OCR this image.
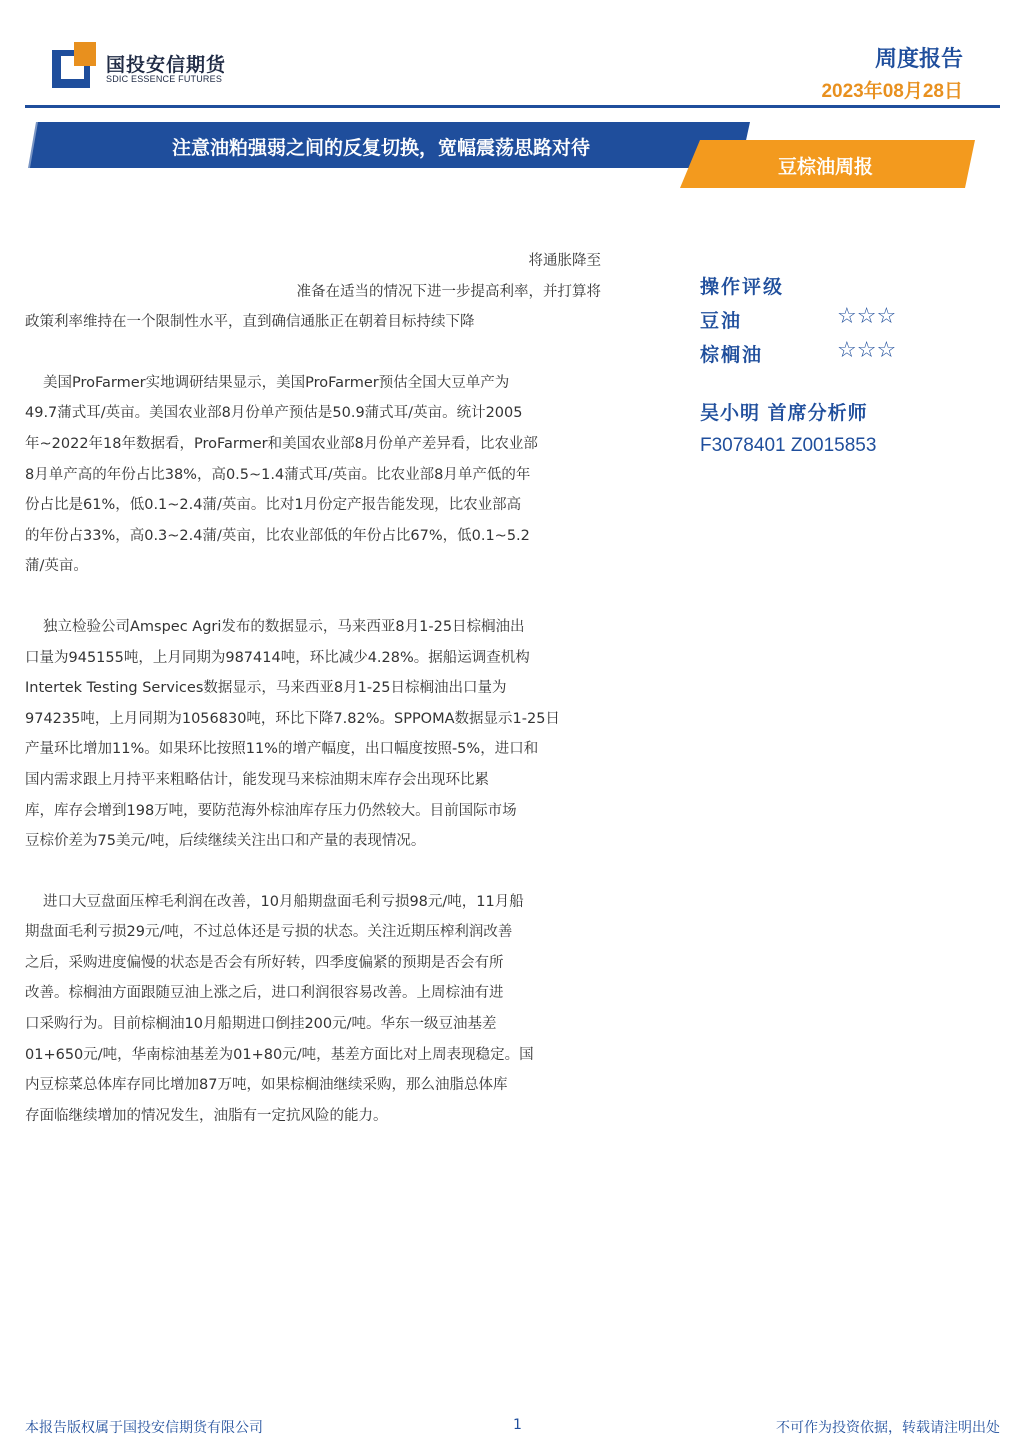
国投安信期货
SDIC ESSENCE FUTURES
周度报告
2023年08月28日
注意油粕强弱之间的反复切换，宽幅震荡思路对待
豆棕油周报
将通胀降至
准备在适当的情况下进一步提高利率，并打算将
政策利率维持在一个限制性水平，直到确信通胀正在朝着目标持续下降
美国ProFarmer实地调研结果显示，美国ProFarmer预估全国大豆单产为
49.7蒲式耳/英亩。美国农业部8月份单产预估是50.9蒲式耳/英亩。统计2005
年~2022年18年数据看，ProFarmer和美国农业部8月份单产差异看，比农业部
8月单产高的年份占比38%，高0.5~1.4蒲式耳/英亩。比农业部8月单产低的年
份占比是61%，低0.1~2.4蒲/英亩。比对1月份定产报告能发现，比农业部高
的年份占33%，高0.3~2.4蒲/英亩，比农业部低的年份占比67%，低0.1~5.2
蒲/英亩。
独立检验公司Amspec Agri发布的数据显示，马来西亚8月1-25日棕榈油出
口量为945155吨，上月同期为987414吨，环比减少4.28%。据船运调查机构
Intertek Testing Services数据显示，马来西亚8月1-25日棕榈油出口量为
974235吨，上月同期为1056830吨，环比下降7.82%。SPPOMA数据显示1-25日
产量环比增加11%。如果环比按照11%的增产幅度，出口幅度按照-5%，进口和
国内需求跟上月持平来粗略估计，能发现马来棕油期末库存会出现环比累
库，库存会增到198万吨，要防范海外棕油库存压力仍然较大。目前国际市场
豆棕价差为75美元/吨，后续继续关注出口和产量的表现情况。
进口大豆盘面压榨毛利润在改善，10月船期盘面毛利亏损98元/吨，11月船
期盘面毛利亏损29元/吨，不过总体还是亏损的状态。关注近期压榨利润改善
之后，采购进度偏慢的状态是否会有所好转，四季度偏紧的预期是否会有所
改善。棕榈油方面跟随豆油上涨之后，进口利润很容易改善。上周棕油有进
口采购行为。目前棕榈油10月船期进口倒挂200元/吨。华东一级豆油基差
01+650元/吨，华南棕油基差为01+80元/吨，基差方面比对上周表现稳定。国
内豆棕菜总体库存同比增加87万吨，如果棕榈油继续采购，那么油脂总体库
存面临继续增加的情况发生，油脂有一定抗风险的能力。
操作评级
豆油	☆☆☆
棕榈油	☆☆☆
吴小明 首席分析师
F3078401 Z0015853
本报告版权属于国投安信期货有限公司	1	不可作为投资依据，转载请注明出处
